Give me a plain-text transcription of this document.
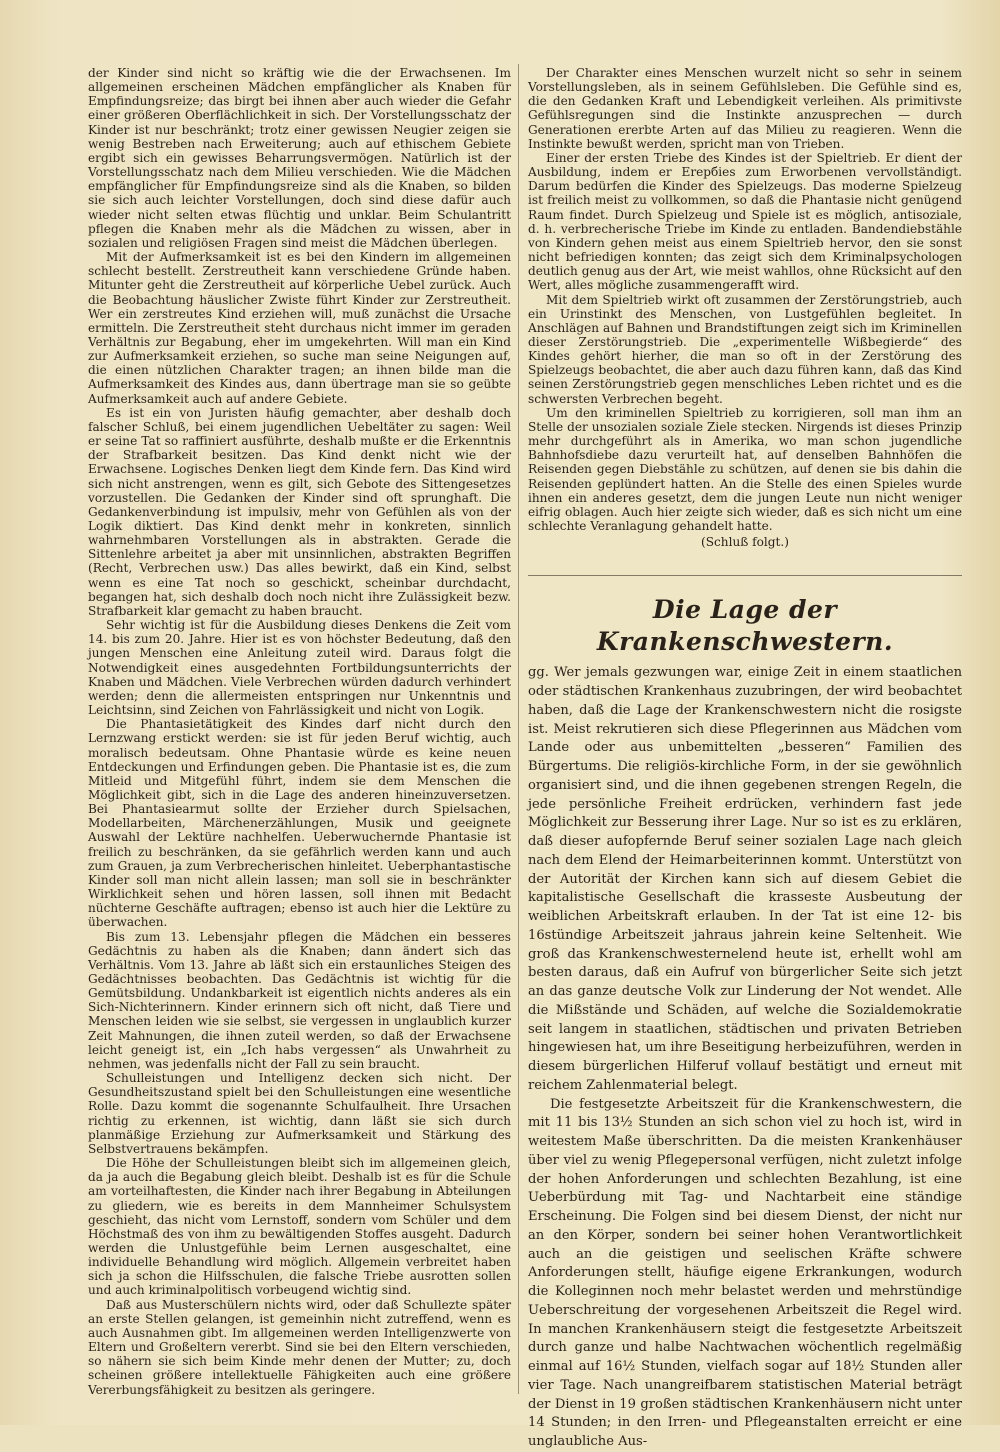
der Kinder sind nicht so kräftig wie die der Erwachsenen. Im allgemeinen erscheinen Mädchen empfänglicher als Knaben für Empfindungsreize; das birgt bei ihnen aber auch wieder die Gefahr einer größeren Oberflächlichkeit in sich. Der Vorstellungsschatz der Kinder ist nur beschränkt; trotz einer gewissen Neugier zeigen sie wenig Bestreben nach Erweiterung; auch auf ethischem Gebiete ergibt sich ein gewisses Beharrungsvermögen. Natürlich ist der Vorstellungsschatz nach dem Milieu verschieden. Wie die Mädchen empfänglicher für Empfindungsreize sind als die Knaben, so bilden sie sich auch leichter Vorstellungen, doch sind diese dafür auch wieder nicht selten etwas flüchtig und unklar. Beim Schulantritt pflegen die Knaben mehr als die Mädchen zu wissen, aber in sozialen und religiösen Fragen sind meist die Mädchen überlegen.

Mit der Aufmerksamkeit ist es bei den Kindern im allgemeinen schlecht bestellt. Zerstreutheit kann verschiedene Gründe haben. Mitunter geht die Zerstreutheit auf körperliche Uebel zurück. Auch die Beobachtung häuslicher Zwiste führt Kinder zur Zerstreutheit. Wer ein zerstreutes Kind erziehen will, muß zunächst die Ursache ermitteln. Die Zerstreutheit steht durchaus nicht immer im geraden Verhältnis zur Begabung, eher im umgekehrten. Will man ein Kind zur Aufmerksamkeit erziehen, so suche man seine Neigungen auf, die einen nützlichen Charakter tragen; an ihnen bilde man die Aufmerksamkeit des Kindes aus, dann übertrage man sie so geübte Aufmerksamkeit auch auf andere Gebiete.

Es ist ein von Juristen häufig gemachter, aber deshalb doch falscher Schluß, bei einem jugendlichen Uebeltäter zu sagen: Weil er seine Tat so raffiniert ausführte, deshalb mußte er die Erkenntnis der Strafbarkeit besitzen. Das Kind denkt nicht wie der Erwachsene. Logisches Denken liegt dem Kinde fern. Das Kind wird sich nicht anstrengen, wenn es gilt, sich Gebote des Sittengesetzes vorzustellen. Die Gedanken der Kinder sind oft sprunghaft. Die Gedankenverbindung ist impulsiv, mehr von Gefühlen als von der Logik diktiert. Das Kind denkt mehr in konkreten, sinnlich wahrnehmbaren Vorstellungen als in abstrakten. Gerade die Sittenlehre arbeitet ja aber mit unsinnlichen, abstrakten Begriffen (Recht, Verbrechen usw.) Das alles bewirkt, daß ein Kind, selbst wenn es eine Tat noch so geschickt, scheinbar durchdacht, begangen hat, sich deshalb doch noch nicht ihre Zulässigkeit bezw. Strafbarkeit klar gemacht zu haben braucht.

Sehr wichtig ist für die Ausbildung dieses Denkens die Zeit vom 14. bis zum 20. Jahre. Hier ist es von höchster Bedeutung, daß den jungen Menschen eine Anleitung zuteil wird. Daraus folgt die Notwendigkeit eines ausgedehnten Fortbildungsunterrichts der Knaben und Mädchen. Viele Verbrechen würden dadurch verhindert werden; denn die allermeisten entspringen nur Unkenntnis und Leichtsinn, sind Zeichen von Fahrlässigkeit und nicht von Logik.

Die Phantasietätigkeit des Kindes darf nicht durch den Lernzwang erstickt werden: sie ist für jeden Beruf wichtig, auch moralisch bedeutsam. Ohne Phantasie würde es keine neuen Entdeckungen und Erfindungen geben. Die Phantasie ist es, die zum Mitleid und Mitgefühl führt, indem sie dem Menschen die Möglichkeit gibt, sich in die Lage des anderen hineinzuversetzen. Bei Phantasiearmut sollte der Erzieher durch Spielsachen, Modellarbeiten, Märchenerzählungen, Musik und geeignete Auswahl der Lektüre nachhelfen. Ueberwuchernde Phantasie ist freilich zu beschränken, da sie gefährlich werden kann und auch zum Grauen, ja zum Verbrecherischen hinleitet. Ueberphantastische Kinder soll man nicht allein lassen; man soll sie in beschränkter Wirklichkeit sehen und hören lassen, soll ihnen mit Bedacht nüchterne Geschäfte auftragen; ebenso ist auch hier die Lektüre zu überwachen.

Bis zum 13. Lebensjahr pflegen die Mädchen ein besseres Gedächtnis zu haben als die Knaben; dann ändert sich das Verhältnis. Vom 13. Jahre ab läßt sich ein erstaunliches Steigen des Gedächtnisses beobachten. Das Gedächtnis ist wichtig für die Gemütsbildung. Undankbarkeit ist eigentlich nichts anderes als ein Sich-Nichterinnern. Kinder erinnern sich oft nicht, daß Tiere und Menschen leiden wie sie selbst, sie vergessen in unglaublich kurzer Zeit Mahnungen, die ihnen zuteil werden, so daß der Erwachsene leicht geneigt ist, ein „Ich habs vergessen“ als Unwahrheit zu nehmen, was jedenfalls nicht der Fall zu sein braucht.

Schulleistungen und Intelligenz decken sich nicht. Der Gesundheitszustand spielt bei den Schulleistungen eine wesentliche Rolle. Dazu kommt die sogenannte Schulfaulheit. Ihre Ursachen richtig zu erkennen, ist wichtig, dann läßt sie sich durch planmäßige Erziehung zur Aufmerksamkeit und Stärkung des Selbstvertrauens bekämpfen.

Die Höhe der Schulleistungen bleibt sich im allgemeinen gleich, da ja auch die Begabung gleich bleibt. Deshalb ist es für die Schule am vorteilhaftesten, die Kinder nach ihrer Begabung in Abteilungen zu gliedern, wie es bereits in dem Mannheimer Schulsystem geschieht, das nicht vom Lernstoff, sondern vom Schüler und dem Höchstmaß des von ihm zu bewältigenden Stoffes ausgeht. Dadurch werden die Unlustgefühle beim Lernen ausgeschaltet, eine individuelle Behandlung wird möglich. Allgemein verbreitet haben sich ja schon die Hilfsschulen, die falsche Triebe ausrotten sollen und auch kriminalpolitisch vorbeugend wichtig sind.

Daß aus Musterschülern nichts wird, oder daß Schullezte später an erste Stellen gelangen, ist gemeinhin nicht zutreffend, wenn es auch Ausnahmen gibt. Im allgemeinen werden Intelligenzwerte von Eltern und Großeltern vererbt. Sind sie bei den Eltern verschieden, so nähern sie sich beim Kinde mehr denen der Mutter; zu, doch scheinen größere intellektuelle Fähigkeiten auch eine größere Vererbungsfähigkeit zu besitzen als geringere.

Der Charakter eines Menschen wurzelt nicht so sehr in seinem Vorstellungsleben, als in seinem Gefühlsleben. Die Gefühle sind es, die den Gedanken Kraft und Lebendigkeit verleihen. Als primitivste Gefühlsregungen sind die Instinkte anzusprechen — durch Generationen ererbte Arten auf das Milieu zu reagieren. Wenn die Instinkte bewußt werden, spricht man von Trieben.

Einer der ersten Triebe des Kindes ist der Spieltrieb. Er dient der Ausbildung, indem er Erербies zum Erworbenen vervollständigt. Darum bedürfen die Kinder des Spielzeugs. Das moderne Spielzeug ist freilich meist zu vollkommen, so daß die Phantasie nicht genügend Raum findet. Durch Spielzeug und Spiele ist es möglich, antisoziale, d. h. verbrecherische Triebe im Kinde zu entladen. Bandendiebstähle von Kindern gehen meist aus einem Spieltrieb hervor, den sie sonst nicht befriedigen konnten; das zeigt sich dem Kriminalpsychologen deutlich genug aus der Art, wie meist wahllos, ohne Rücksicht auf den Wert, alles mögliche zusammengerafft wird.

Mit dem Spieltrieb wirkt oft zusammen der Zerstörungstrieb, auch ein Urinstinkt des Menschen, von Lustgefühlen begleitet. In Anschlägen auf Bahnen und Brandstiftungen zeigt sich im Kriminellen dieser Zerstörungstrieb. Die „experimentelle Wißbegierde“ des Kindes gehört hierher, die man so oft in der Zerstörung des Spielzeugs beobachtet, die aber auch dazu führen kann, daß das Kind seinen Zerstörungstrieb gegen menschliches Leben richtet und es die schwersten Verbrechen begeht.

Um den kriminellen Spieltrieb zu korrigieren, soll man ihm an Stelle der unsozialen soziale Ziele stecken. Nirgends ist dieses Prinzip mehr durchgeführt als in Amerika, wo man schon jugendliche Bahnhofsdiebe dazu verurteilt hat, auf denselben Bahnhöfen die Reisenden gegen Diebstähle zu schützen, auf denen sie bis dahin die Reisenden geplündert hatten. An die Stelle des einen Spieles wurde ihnen ein anderes gesetzt, dem die jungen Leute nun nicht weniger eifrig oblagen. Auch hier zeigte sich wieder, daß es sich nicht um eine schlechte Veranlagung gehandelt hatte.

(Schluß folgt.)
Die Lage der Krankenschwestern.

gg. Wer jemals gezwungen war, einige Zeit in einem staatlichen oder städtischen Krankenhaus zuzubringen, der wird beobachtet haben, daß die Lage der Krankenschwestern nicht die rosigste ist. Meist rekrutieren sich diese Pflegerinnen aus Mädchen vom Lande oder aus unbemittelten „besseren“ Familien des Bürgertums. Die religiös-kirchliche Form, in der sie gewöhnlich organisiert sind, und die ihnen gegebenen strengen Regeln, die jede persönliche Freiheit erdrücken, verhindern fast jede Möglichkeit zur Besserung ihrer Lage. Nur so ist es zu erklären, daß dieser aufopfernde Beruf seiner sozialen Lage nach gleich nach dem Elend der Heimarbeiterinnen kommt. Unterstützt von der Autorität der Kirchen kann sich auf diesem Gebiet die kapitalistische Gesellschaft die krasseste Ausbeutung der weiblichen Arbeitskraft erlauben. In der Tat ist eine 12- bis 16stündige Arbeitszeit jahraus jahrein keine Seltenheit. Wie groß das Krankenschwesternelend heute ist, erhellt wohl am besten daraus, daß ein Aufruf von bürgerlicher Seite sich jetzt an das ganze deutsche Volk zur Linderung der Not wendet. Alle die Mißstände und Schäden, auf welche die Sozialdemokratie seit langem in staatlichen, städtischen und privaten Betrieben hingewiesen hat, um ihre Beseitigung herbeizuführen, werden in diesem bürgerlichen Hilferuf vollauf bestätigt und erneut mit reichem Zahlenmaterial belegt.

Die festgesetzte Arbeitszeit für die Krankenschwestern, die mit 11 bis 13½ Stunden an sich schon viel zu hoch ist, wird in weitestem Maße überschritten. Da die meisten Krankenhäuser über viel zu wenig Pflegepersonal verfügen, nicht zuletzt infolge der hohen Anforderungen und schlechten Bezahlung, ist eine Ueberbürdung mit Tag- und Nachtarbeit eine ständige Erscheinung. Die Folgen sind bei diesem Dienst, der nicht nur an den Körper, sondern bei seiner hohen Verantwortlichkeit auch an die geistigen und seelischen Kräfte schwere Anforderungen stellt, häufige eigene Erkrankungen, wodurch die Kolleginnen noch mehr belastet werden und mehrstündige Ueberschreitung der vorgesehenen Arbeitszeit die Regel wird. In manchen Krankenhäusern steigt die festgesetzte Arbeitszeit durch ganze und halbe Nachtwachen wöchentlich regelmäßig einmal auf 16½ Stunden, vielfach sogar auf 18½ Stunden aller vier Tage. Nach unangreifbarem statistischen Material beträgt der Dienst in 19 großen städtischen Krankenhäusern nicht unter 14 Stunden; in den Irren- und Pflegeanstalten erreicht er eine unglaubliche Aus-
